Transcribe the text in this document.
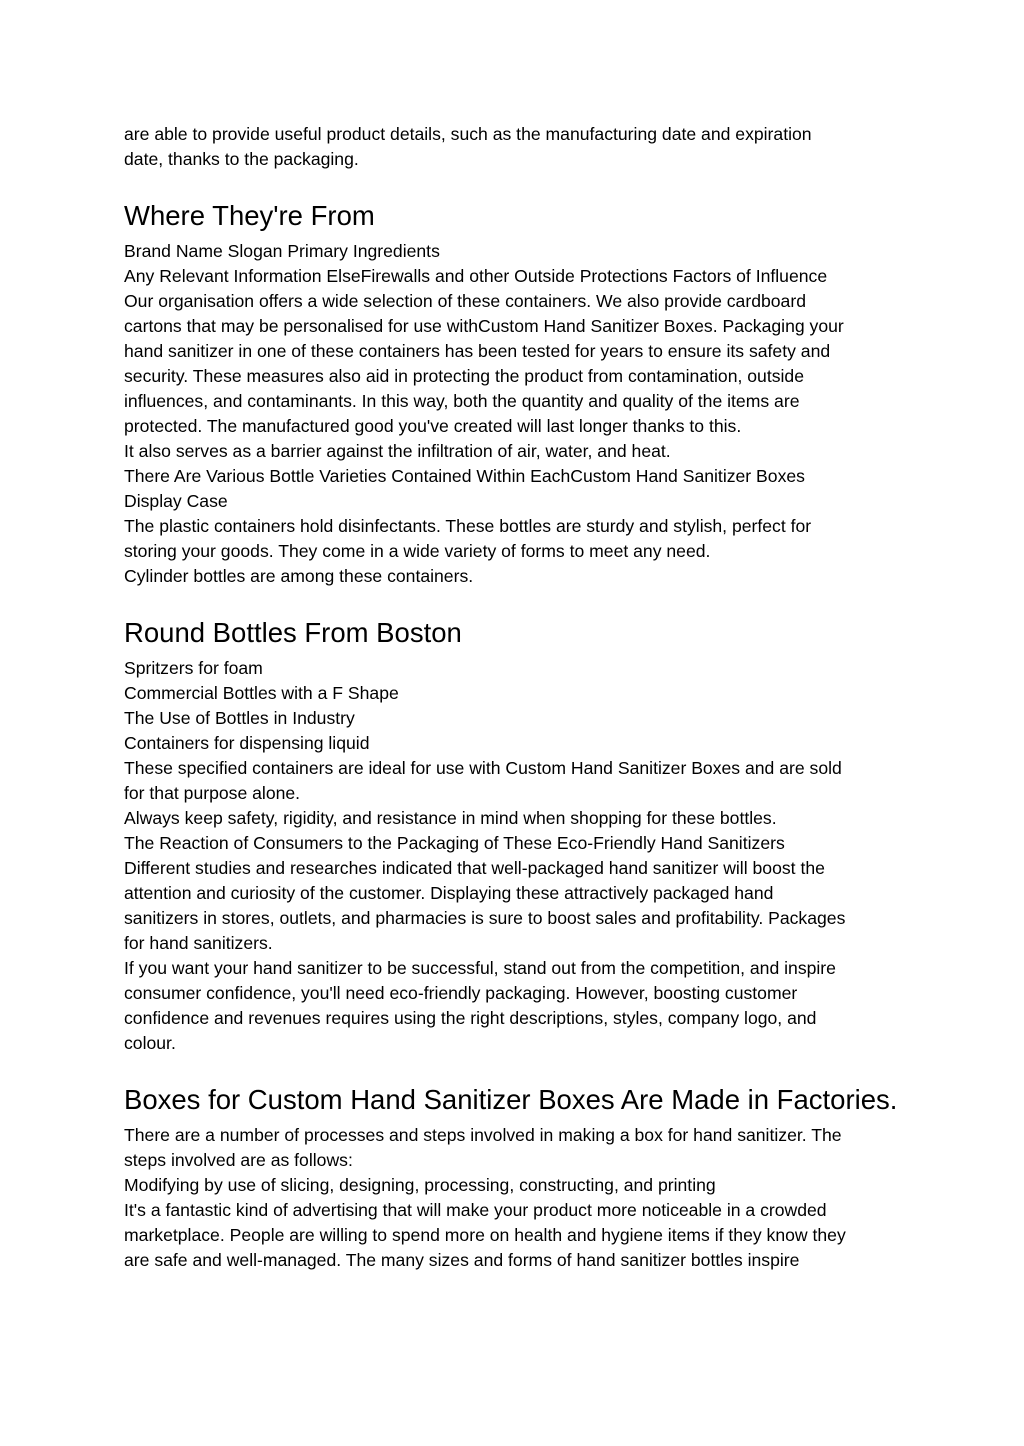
are able to provide useful product details, such as the manufacturing date and expiration

date, thanks to the packaging.

Where They're From

Brand Name Slogan Primary Ingredients

Any Relevant Information ElseFirewalls and other Outside Protections Factors of Influence

Our organisation offers a wide selection of these containers. We also provide cardboard

cartons that may be personalised for use withCustom Hand Sanitizer Boxes. Packaging your

hand sanitizer in one of these containers has been tested for years to ensure its safety and

security. These measures also aid in protecting the product from contamination, outside

influences, and contaminants. In this way, both the quantity and quality of the items are

protected. The manufactured good you've created will last longer thanks to this.

It also serves as a barrier against the infiltration of air, water, and heat.

There Are Various Bottle Varieties Contained Within EachCustom Hand Sanitizer Boxes

Display Case

The plastic containers hold disinfectants. These bottles are sturdy and stylish, perfect for

storing your goods. They come in a wide variety of forms to meet any need.

Cylinder bottles are among these containers.

Round Bottles From Boston

Spritzers for foam

Commercial Bottles with a F Shape

The Use of Bottles in Industry

Containers for dispensing liquid

These specified containers are ideal for use with Custom Hand Sanitizer Boxes and are sold

for that purpose alone.

Always keep safety, rigidity, and resistance in mind when shopping for these bottles.

The Reaction of Consumers to the Packaging of These Eco-Friendly Hand Sanitizers

Different studies and researches indicated that well-packaged hand sanitizer will boost the

attention and curiosity of the customer. Displaying these attractively packaged hand

sanitizers in stores, outlets, and pharmacies is sure to boost sales and profitability. Packages

for hand sanitizers.

If you want your hand sanitizer to be successful, stand out from the competition, and inspire

consumer confidence, you'll need eco-friendly packaging. However, boosting customer

confidence and revenues requires using the right descriptions, styles, company logo, and

colour.

Boxes for Custom Hand Sanitizer Boxes Are Made in Factories.

There are a number of processes and steps involved in making a box for hand sanitizer. The

steps involved are as follows:

Modifying by use of slicing, designing, processing, constructing, and printing

It's a fantastic kind of advertising that will make your product more noticeable in a crowded

marketplace. People are willing to spend more on health and hygiene items if they know they

are safe and well-managed. The many sizes and forms of hand sanitizer bottles inspire
